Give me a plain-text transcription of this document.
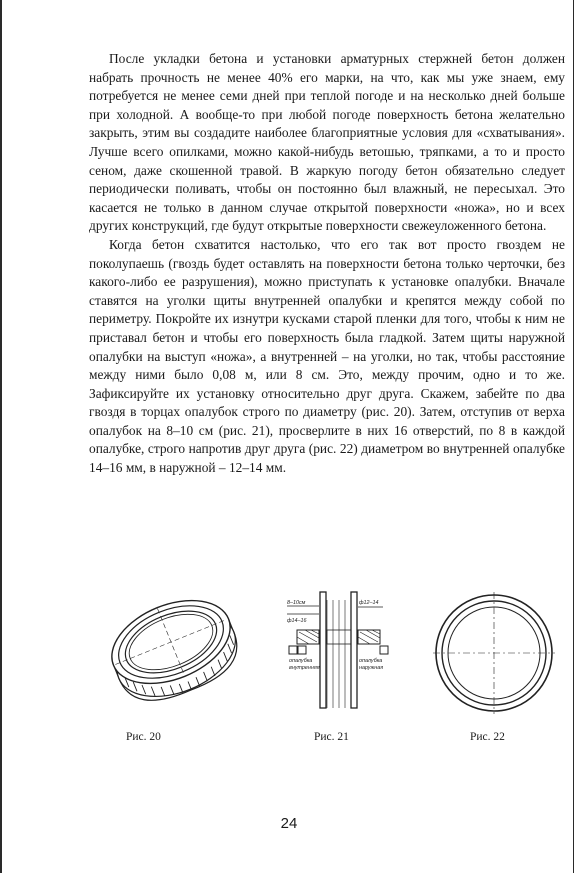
После укладки бетона и установки арматурных стержней бетон должен набрать прочность не менее 40% его марки, на что, как мы уже знаем, ему потребуется не менее семи дней при теплой погоде и на несколько дней больше при холодной. А вообще-то при любой погоде поверхность бетона желательно закрыть, этим вы создадите наиболее благоприятные условия для «схватывания». Лучше всего опилками, можно какой-нибудь ветошью, тряпками, а то и просто сеном, даже скошенной травой. В жаркую погоду бетон обязательно следует периодически поливать, чтобы он постоянно был влажный, не пересыхал. Это касается не только в данном случае открытой поверхности «ножа», но и всех других конструкций, где будут открытые поверхности свежеуложенного бетона.

Когда бетон схватится настолько, что его так вот просто гвоздем не поколупаешь (гвоздь будет оставлять на поверхности бетона только черточки, без какого-либо ее разрушения), можно приступать к установке опалубки. Вначале ставятся на уголки щиты внутренней опалубки и крепятся между собой по периметру. Покройте их изнутри кусками старой пленки для того, чтобы к ним не приставал бетон и чтобы его поверхность была гладкой. Затем щиты наружной опалубки на выступ «ножа», а внутренней – на уголки, но так, чтобы расстояние между ними было 0,08 м, или 8 см. Это, между прочим, одно и то же. Зафиксируйте их установку относительно друг друга. Скажем, забейте по два гвоздя в торцах опалубок строго по диаметру (рис. 20). Затем, отступив от верха опалубок на 8–10 см (рис. 21), просверлите в них 16 отверстий, по 8 в каждой опалубке, строго напротив друг друга (рис. 22) диаметром во внутренней опалубке 14–16 мм, в наружной – 12–14 мм.

8–10см
ф14–16
ф12–14
опалубка
внутренняя
опалубка
наружная
Рис. 20	Рис. 21	Рис. 22
24
